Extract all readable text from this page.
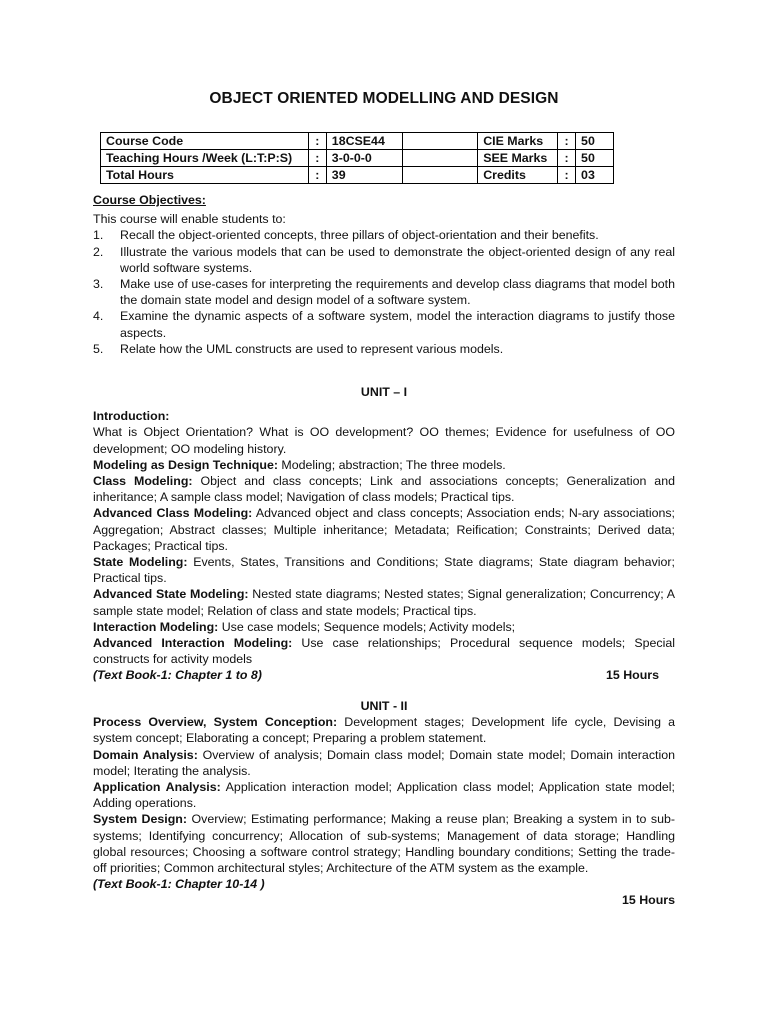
OBJECT ORIENTED MODELLING AND DESIGN
Course Code	:	18CSE44		CIE Marks	:	50
Teaching Hours /Week (L:T:P:S)	:	3-0-0-0		SEE Marks	:	50
Total Hours	:	39		Credits	:	03
Course Objectives:
This course will enable students to:
1. Recall the object-oriented concepts, three pillars of object-orientation and their benefits.
2. Illustrate the various models that can be used to demonstrate the object-oriented design of any real world software systems.
3. Make use of use-cases for interpreting the requirements and develop class diagrams that model both the domain state model and design model of a software system.
4. Examine the dynamic aspects of a software system, model the interaction diagrams to justify those aspects.
5. Relate how the UML constructs are used to represent various models.
UNIT – I
Introduction:
What is Object Orientation? What is OO development? OO themes; Evidence for usefulness of OO development; OO modeling history.
Modeling as Design Technique: Modeling; abstraction; The three models.
Class Modeling: Object and class concepts; Link and associations concepts; Generalization and inheritance; A sample class model; Navigation of class models; Practical tips.
Advanced Class Modeling: Advanced object and class concepts; Association ends; N-ary associations; Aggregation; Abstract classes; Multiple inheritance; Metadata; Reification; Constraints; Derived data; Packages; Practical tips.
State Modeling: Events, States, Transitions and Conditions; State diagrams; State diagram behavior; Practical tips.
Advanced State Modeling: Nested state diagrams; Nested states; Signal generalization; Concurrency; A sample state model; Relation of class and state models; Practical tips.
Interaction Modeling: Use case models; Sequence models; Activity models;
Advanced Interaction Modeling: Use case relationships; Procedural sequence models; Special constructs for activity models
(Text Book-1: Chapter 1 to 8)	15 Hours
UNIT - II
Process Overview, System Conception: Development stages; Development life cycle, Devising a system concept; Elaborating a concept; Preparing a problem statement.
Domain Analysis: Overview of analysis; Domain class model; Domain state model; Domain interaction model; Iterating the analysis.
Application Analysis: Application interaction model; Application class model; Application state model; Adding operations.
System Design: Overview; Estimating performance; Making a reuse plan; Breaking a system in to sub-systems; Identifying concurrency; Allocation of sub-systems; Management of data storage; Handling global resources; Choosing a software control strategy; Handling boundary conditions; Setting the trade-off priorities; Common architectural styles; Architecture of the ATM system as the example.
(Text Book-1: Chapter 10-14 )
15 Hours
